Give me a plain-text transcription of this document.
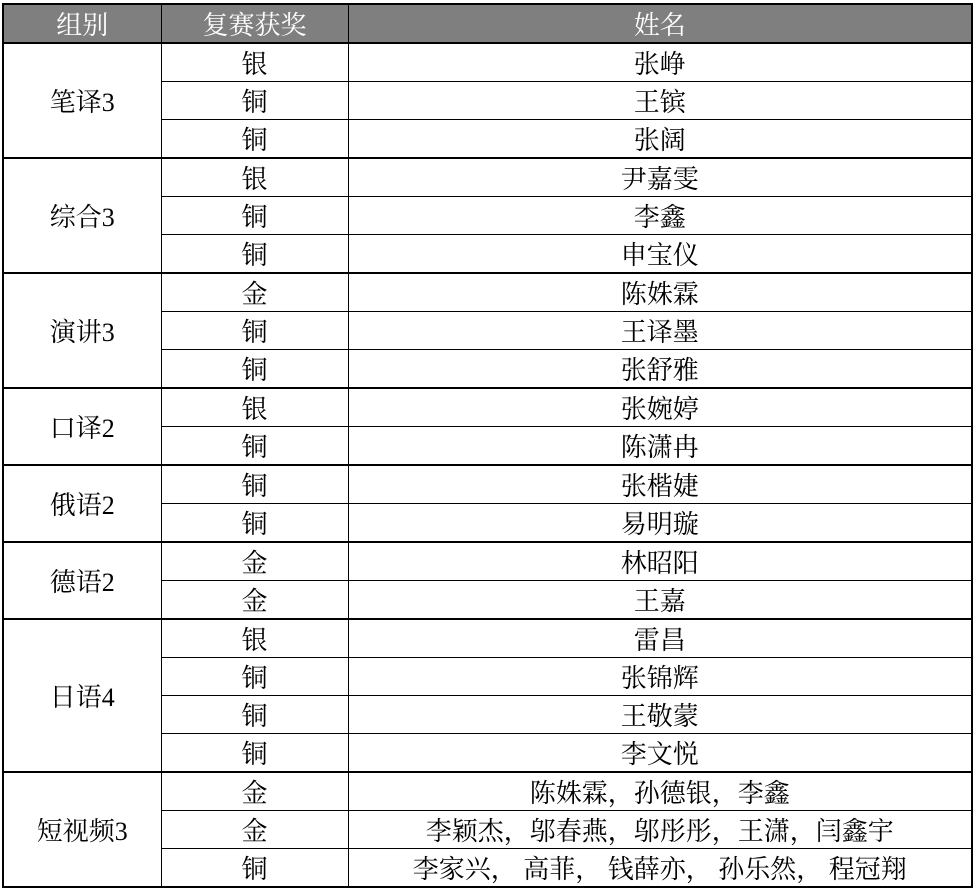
组别	复赛获奖	姓名
笔译3	银	张峥
	铜	王镔
	铜	张阔
综合3	银	尹嘉雯
	铜	李鑫
	铜	申宝仪
演讲3	金	陈姝霖
	铜	王译墨
	铜	张舒雅
口译2	银	张婉婷
	铜	陈潇冉
俄语2	铜	张楷婕
	铜	易明璇
德语2	金	林昭阳
	金	王嘉
日语4	银	雷昌
	铜	张锦辉
	铜	王敬蒙
	铜	李文悦
短视频3	金	陈姝霖，孙德银，李鑫
	金	李颖杰，邬春燕，邬彤彤，王潇，闫鑫宇
	铜	李家兴， 高菲， 钱薛亦， 孙乐然， 程冠翔
